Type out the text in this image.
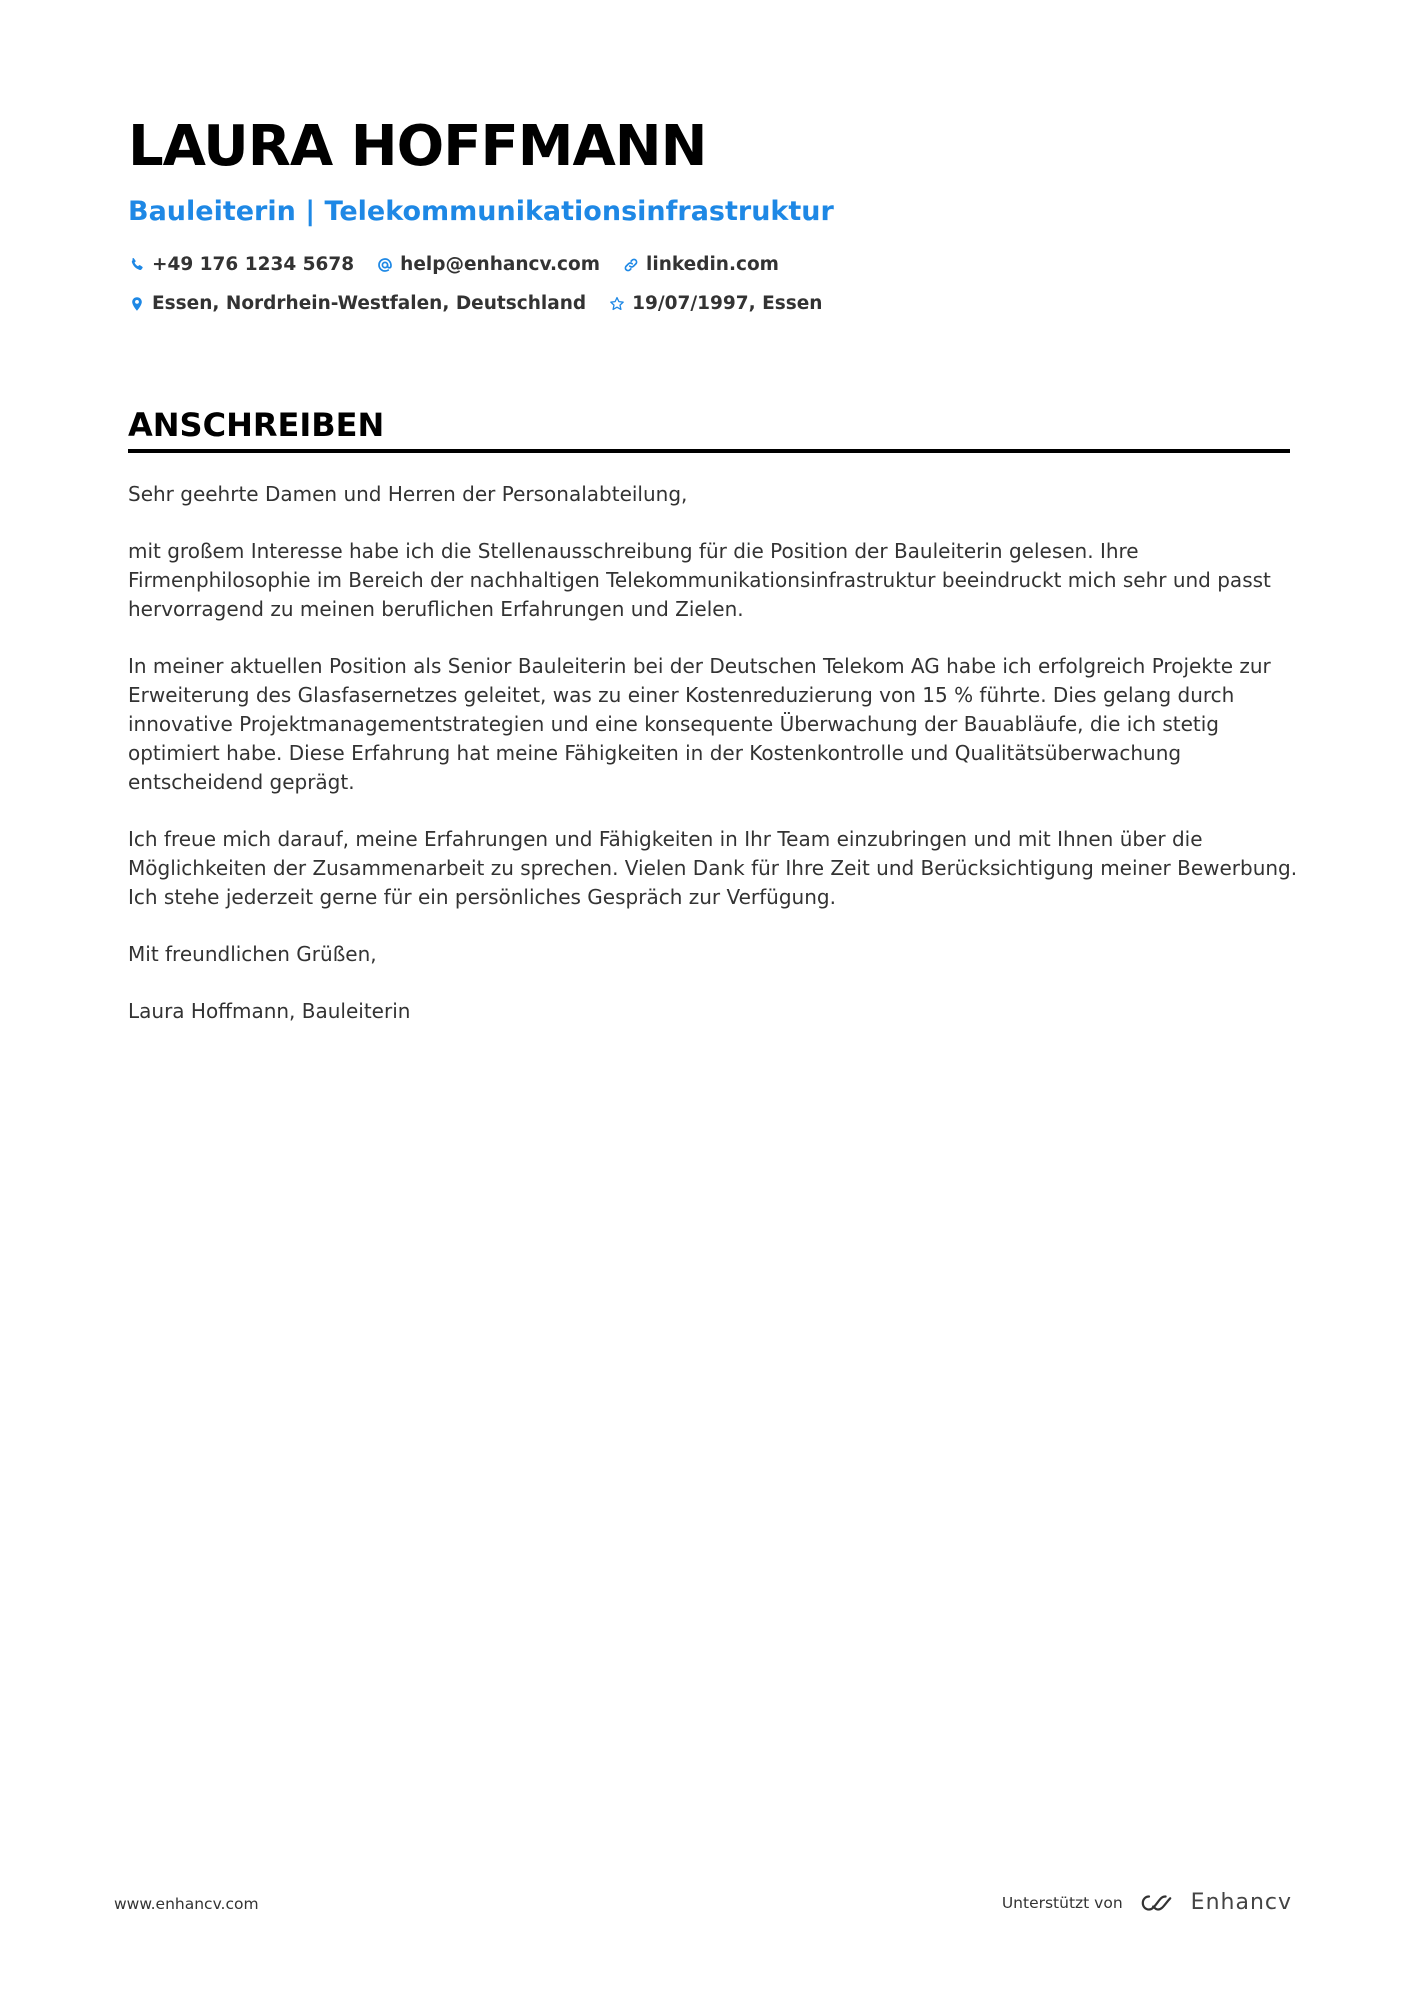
LAURA HOFFMANN
Bauleiterin | Telekommunikationsinfrastruktur
+49 176 1234 5678 help@enhancv.com linkedin.com
Essen, Nordrhein-Westfalen, Deutschland 19/07/1997, Essen
ANSCHREIBEN

Sehr geehrte Damen und Herren der Personalabteilung,

mit großem Interesse habe ich die Stellenausschreibung für die Position der Bauleiterin gelesen. Ihre Firmenphilosophie im Bereich der nachhaltigen Telekommunikationsinfrastruktur beeindruckt mich sehr und passt hervorragend zu meinen beruflichen Erfahrungen und Zielen.

In meiner aktuellen Position als Senior Bauleiterin bei der Deutschen Telekom AG habe ich erfolgreich Projekte zur Erweiterung des Glasfasernetzes geleitet, was zu einer Kostenreduzierung von 15 % führte. Dies gelang durch innovative Projektmanagementstrategien und eine konsequente Überwachung der Bauabläufe, die ich stetig optimiert habe. Diese Erfahrung hat meine Fähigkeiten in der Kostenkontrolle und Qualitätsüberwachung entscheidend geprägt.

Ich freue mich darauf, meine Erfahrungen und Fähigkeiten in Ihr Team einzubringen und mit Ihnen über die Möglichkeiten der Zusammenarbeit zu sprechen. Vielen Dank für Ihre Zeit und Berücksichtigung meiner Bewerbung. Ich stehe jederzeit gerne für ein persönliches Gespräch zur Verfügung.

Mit freundlichen Grüßen,

Laura Hoffmann, Bauleiterin

www.enhancv.com	Unterstützt von	Enhancv
